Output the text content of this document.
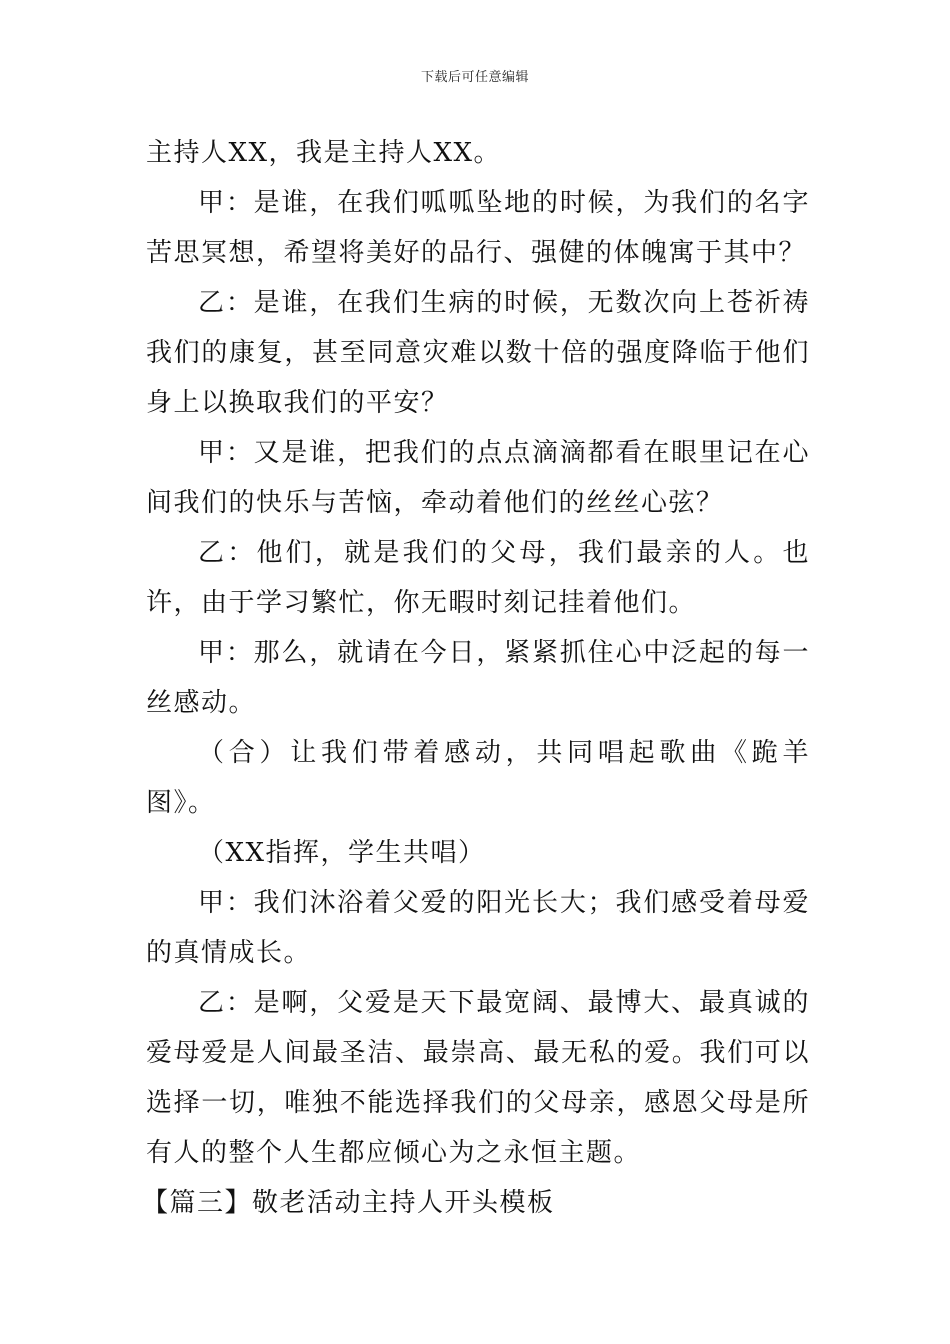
下载后可任意编辑

主持人XX，我是主持人XX。

甲：是谁，在我们呱呱坠地的时候，为我们的名字苦思冥想，希望将美好的品行、强健的体魄寓于其中？

乙：是谁，在我们生病的时候，无数次向上苍祈祷我们的康复，甚至同意灾难以数十倍的强度降临于他们身上以换取我们的平安？

甲：又是谁，把我们的点点滴滴都看在眼里记在心间我们的快乐与苦恼，牵动着他们的丝丝心弦？

乙：他们，就是我们的父母，我们最亲的人。也许，由于学习繁忙，你无暇时刻记挂着他们。

甲：那么，就请在今日，紧紧抓住心中泛起的每一丝感动。

（合）让我们带着感动，共同唱起歌曲《跪羊图》。

（XX指挥，学生共唱）

甲：我们沐浴着父爱的阳光长大；我们感受着母爱的真情成长。

乙：是啊，父爱是天下最宽阔、最博大、最真诚的爱母爱是人间最圣洁、最崇高、最无私的爱。我们可以选择一切，唯独不能选择我们的父母亲，感恩父母是所有人的整个人生都应倾心为之永恒主题。

【篇三】敬老活动主持人开头模板
